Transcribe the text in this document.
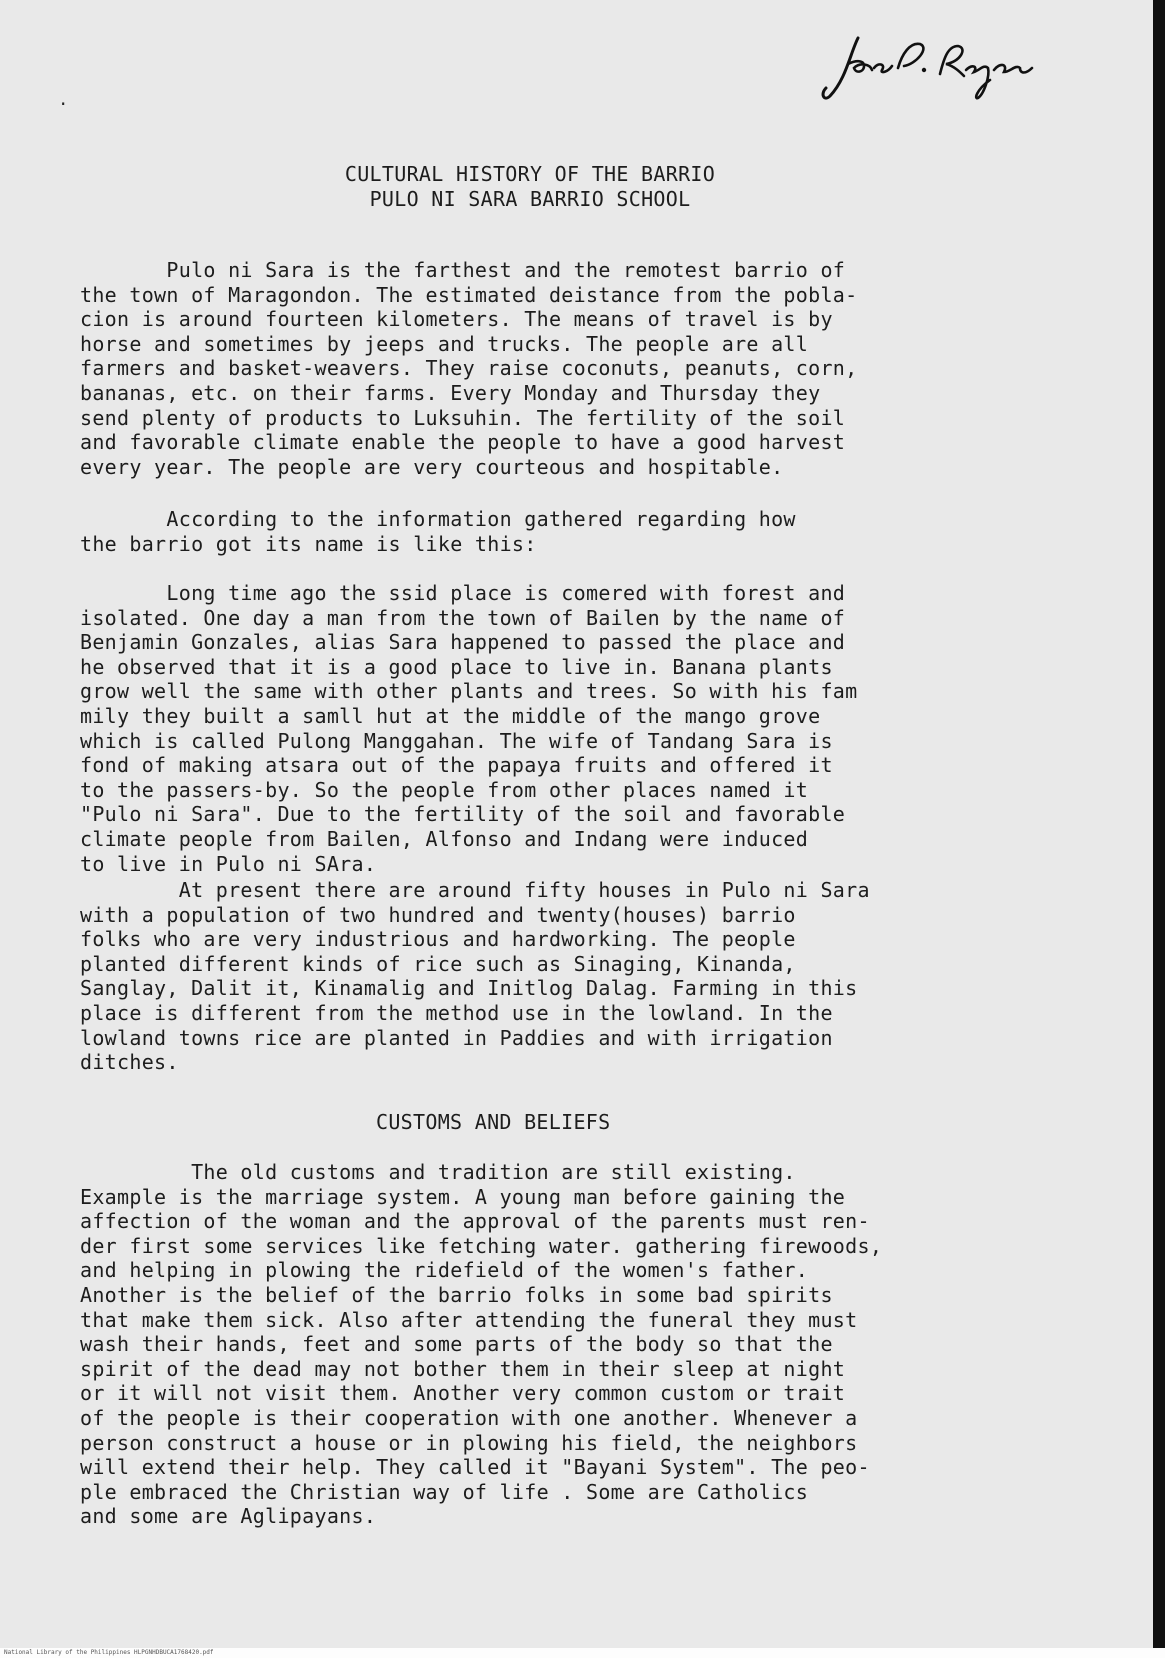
·
CULTURAL HISTORY OF THE BARRIO
PULO NI SARA BARRIO SCHOOL
Pulo ni Sara is the farthest and the remotest barrio of
the town of Maragondon. The estimated deistance from the pobla-
cion is around fourteen kilometers. The means of travel is by
horse and sometimes by jeeps and trucks. The people are all
farmers and basket-weavers. They raise coconuts, peanuts, corn,
bananas, etc. on their farms. Every Monday and Thursday they
send plenty of products to Luksuhin. The fertility of the soil
and favorable climate enable the people to have a good harvest
every year. The people are very courteous and hospitable.
According to the information gathered regarding how
the barrio got its name is like this:
Long time ago the ssid place is comered with forest and
isolated. One day a man from the town of Bailen by the name of
Benjamin Gonzales, alias Sara happened to passed the place and
he observed that it is a good place to live in. Banana plants
grow well the same with other plants and trees. So with his fam
mily they built a samll hut at the middle of the mango grove
which is called Pulong Manggahan. The wife of Tandang Sara is
fond of making atsara out of the papaya fruits and offered it
to the passers-by. So the people from other places named it
"Pulo ni Sara". Due to the fertility of the soil and favorable
climate people from Bailen, Alfonso and Indang were induced
to live in Pulo ni SAra.
At present there are around fifty houses in Pulo ni Sara
with a population of two hundred and twenty(houses) barrio
folks who are very industrious and hardworking. The people
planted different kinds of rice such as Sinaging, Kinanda,
Sanglay, Dalit it, Kinamalig and Initlog Dalag. Farming in this
place is different from the method use in the lowland. In the
lowland towns rice are planted in Paddies and with irrigation
ditches.
CUSTOMS AND BELIEFS
The old customs and tradition are still existing.
Example is the marriage system. A young man before gaining the
affection of the woman and the approval of the parents must ren-
der first some services like fetching water. gathering firewoods,
and helping in plowing the ridefield of the women's father.
Another is the belief of the barrio folks in some bad spirits
that make them sick. Also after attending the funeral they must
wash their hands, feet and some parts of the body so that the
spirit of the dead may not bother them in their sleep at night
or it will not visit them. Another very common custom or trait
of the people is their cooperation with one another. Whenever a
person construct a house or in plowing his field, the neighbors
will extend their help. They called it "Bayani System". The peo-
ple embraced the Christian way of life . Some are Catholics
and some are Aglipayans.
National Library of the Philippines HLPGNHDBUCA1768420.pdf
